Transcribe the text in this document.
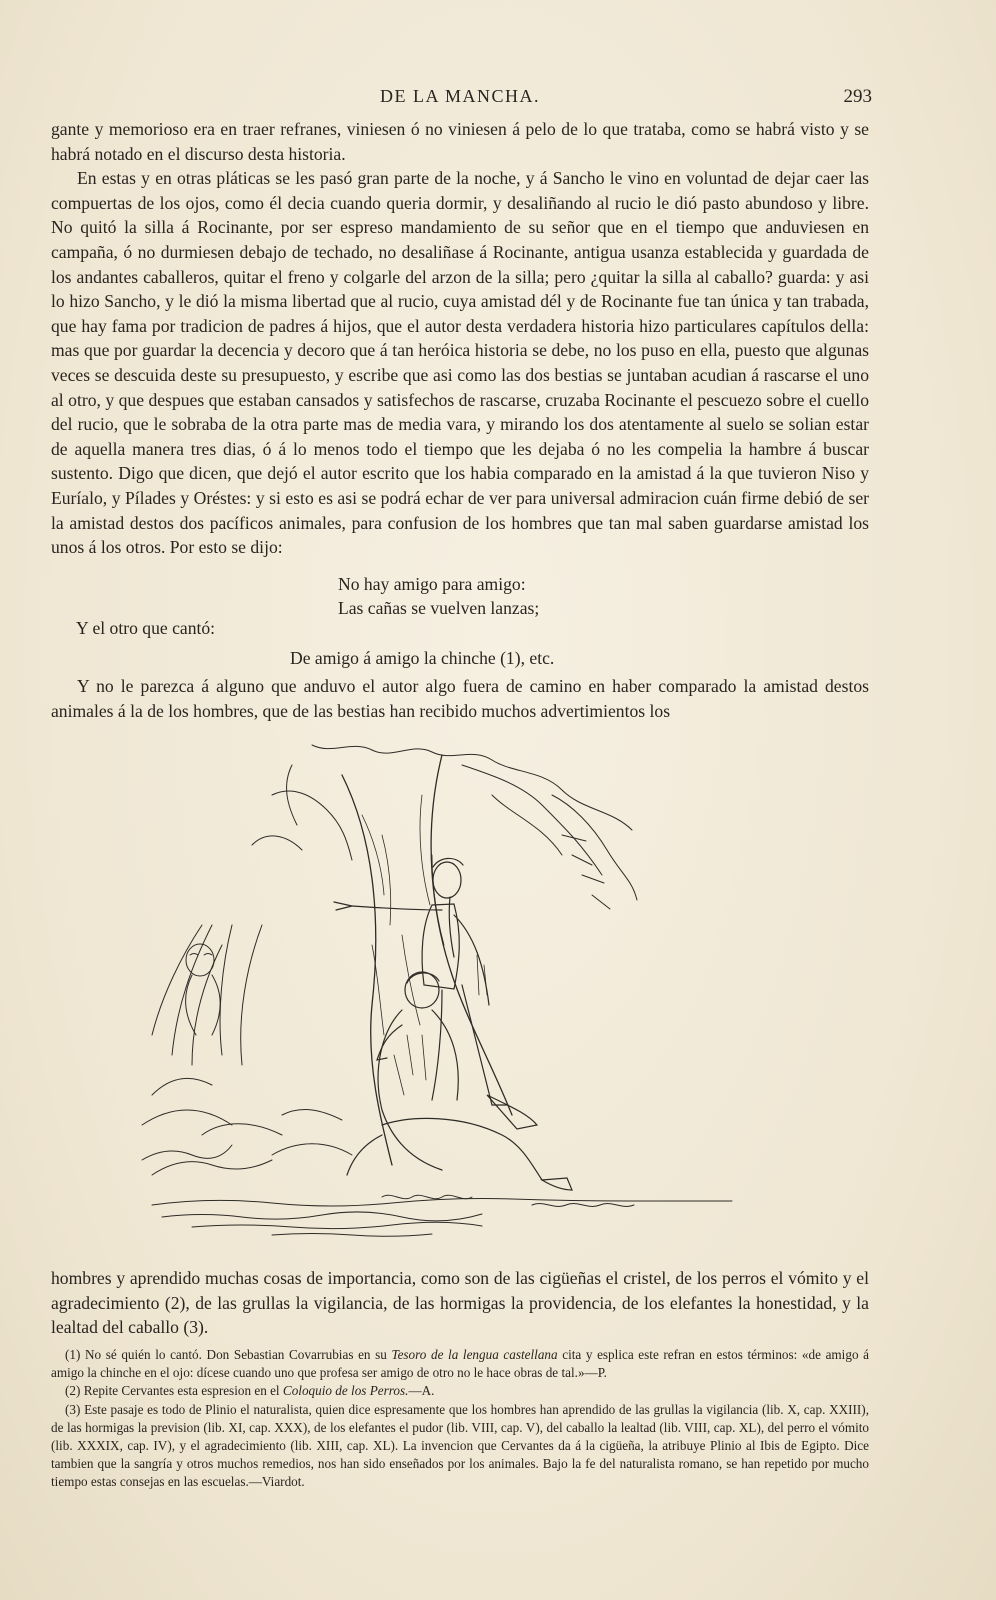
DE LA MANCHA.	293

gante y memorioso era en traer refranes, viniesen ó no viniesen á pelo de lo que trataba, como se habrá visto y se habrá notado en el discurso desta historia.

En estas y en otras pláticas se les pasó gran parte de la noche, y á Sancho le vino en voluntad de dejar caer las compuertas de los ojos, como él decia cuando queria dormir, y desaliñando al rucio le dió pasto abundoso y libre. No quitó la silla á Rocinante, por ser espreso mandamiento de su señor que en el tiempo que anduviesen en campaña, ó no durmiesen debajo de techado, no desaliñase á Rocinante, antigua usanza establecida y guardada de los andantes caballeros, quitar el freno y colgarle del arzon de la silla; pero ¿quitar la silla al caballo? guarda: y asi lo hizo Sancho, y le dió la misma libertad que al rucio, cuya amistad dél y de Rocinante fue tan única y tan trabada, que hay fama por tradicion de padres á hijos, que el autor desta verdadera historia hizo particulares capítulos della: mas que por guardar la decencia y decoro que á tan heróica historia se debe, no los puso en ella, puesto que algunas veces se descuida deste su presupuesto, y escribe que asi como las dos bestias se juntaban acudian á rascarse el uno al otro, y que despues que estaban cansados y satisfechos de rascarse, cruzaba Rocinante el pescuezo sobre el cuello del rucio, que le sobraba de la otra parte mas de media vara, y mirando los dos atentamente al suelo se solian estar de aquella manera tres dias, ó á lo menos todo el tiempo que les dejaba ó no les compelia la hambre á buscar sustento. Digo que dicen, que dejó el autor escrito que los habia comparado en la amistad á la que tuvieron Niso y Euríalo, y Pílades y Oréstes: y si esto es asi se podrá echar de ver para universal admiracion cuán firme debió de ser la amistad destos dos pacíficos animales, para confusion de los hombres que tan mal saben guardarse amistad los unos á los otros. Por esto se dijo:

No hay amigo para amigo:
Las cañas se vuelven lanzas;
Y el otro que cantó:
De amigo á amigo la chinche (1), etc.

Y no le parezca á alguno que anduvo el autor algo fuera de camino en haber comparado la amistad destos animales á la de los hombres, que de las bestias han recibido muchos advertimientos los

hombres y aprendido muchas cosas de importancia, como son de las cigüeñas el cristel, de los perros el vómito y el agradecimiento (2), de las grullas la vigilancia, de las hormigas la providencia, de los elefantes la honestidad, y la lealtad del caballo (3).

(1) No sé quién lo cantó. Don Sebastian Covarrubias en su Tesoro de la lengua castellana cita y esplica este refran en estos términos: «de amigo á amigo la chinche en el ojo: dícese cuando uno que profesa ser amigo de otro no le hace obras de tal.»—P.

(2) Repite Cervantes esta espresion en el Coloquio de los Perros.—A.

(3) Este pasaje es todo de Plinio el naturalista, quien dice espresamente que los hombres han aprendido de las grullas la vigilancia (lib. X, cap. XXIII), de las hormigas la prevision (lib. XI, cap. XXX), de los elefantes el pudor (lib. VIII, cap. V), del caballo la lealtad (lib. VIII, cap. XL), del perro el vómito (lib. XXXIX, cap. IV), y el agradecimiento (lib. XIII, cap. XL). La invencion que Cervantes da á la cigüeña, la atribuye Plinio al Ibis de Egipto. Dice tambien que la sangría y otros muchos remedios, nos han sido enseñados por los animales. Bajo la fe del naturalista romano, se han repetido por mucho tiempo estas consejas en las escuelas.—Viardot.
